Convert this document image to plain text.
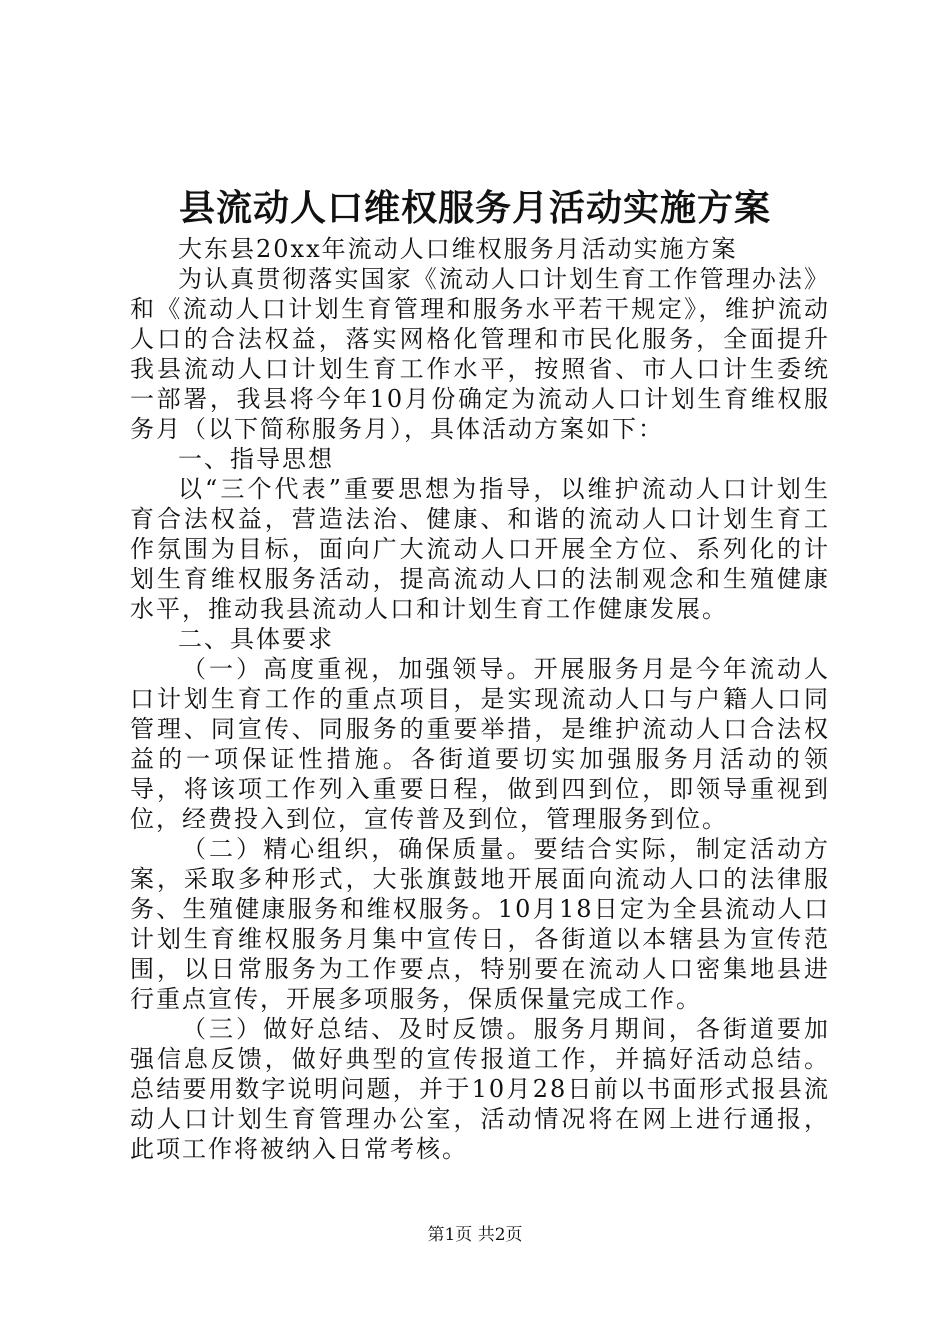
县流动人口维权服务月活动实施方案

大东县20xx年流动人口维权服务月活动实施方案

为认真贯彻落实国家《流动人口计划生育工作管理办法》和《流动人口计划生育管理和服务水平若干规定》，维护流动人口的合法权益，落实网格化管理和市民化服务，全面提升我县流动人口计划生育工作水平，按照省、市人口计生委统一部署，我县将今年10月份确定为流动人口计划生育维权服务月（以下简称服务月），具体活动方案如下：

一、指导思想

以“三个代表”重要思想为指导，以维护流动人口计划生育合法权益，营造法治、健康、和谐的流动人口计划生育工作氛围为目标，面向广大流动人口开展全方位、系列化的计划生育维权服务活动，提高流动人口的法制观念和生殖健康水平，推动我县流动人口和计划生育工作健康发展。

二、具体要求

（一）高度重视，加强领导。开展服务月是今年流动人口计划生育工作的重点项目，是实现流动人口与户籍人口同管理、同宣传、同服务的重要举措，是维护流动人口合法权益的一项保证性措施。各街道要切实加强服务月活动的领导，将该项工作列入重要日程，做到四到位，即领导重视到位，经费投入到位，宣传普及到位，管理服务到位。

（二）精心组织，确保质量。要结合实际，制定活动方案，采取多种形式，大张旗鼓地开展面向流动人口的法律服务、生殖健康服务和维权服务。10月18日定为全县流动人口计划生育维权服务月集中宣传日，各街道以本辖县为宣传范围，以日常服务为工作要点，特别要在流动人口密集地县进行重点宣传，开展多项服务，保质保量完成工作。

（三）做好总结、及时反馈。服务月期间，各街道要加强信息反馈，做好典型的宣传报道工作，并搞好活动总结。总结要用数字说明问题，并于10月28日前以书面形式报县流动人口计划生育管理办公室，活动情况将在网上进行通报，此项工作将被纳入日常考核。

第1页 共2页
